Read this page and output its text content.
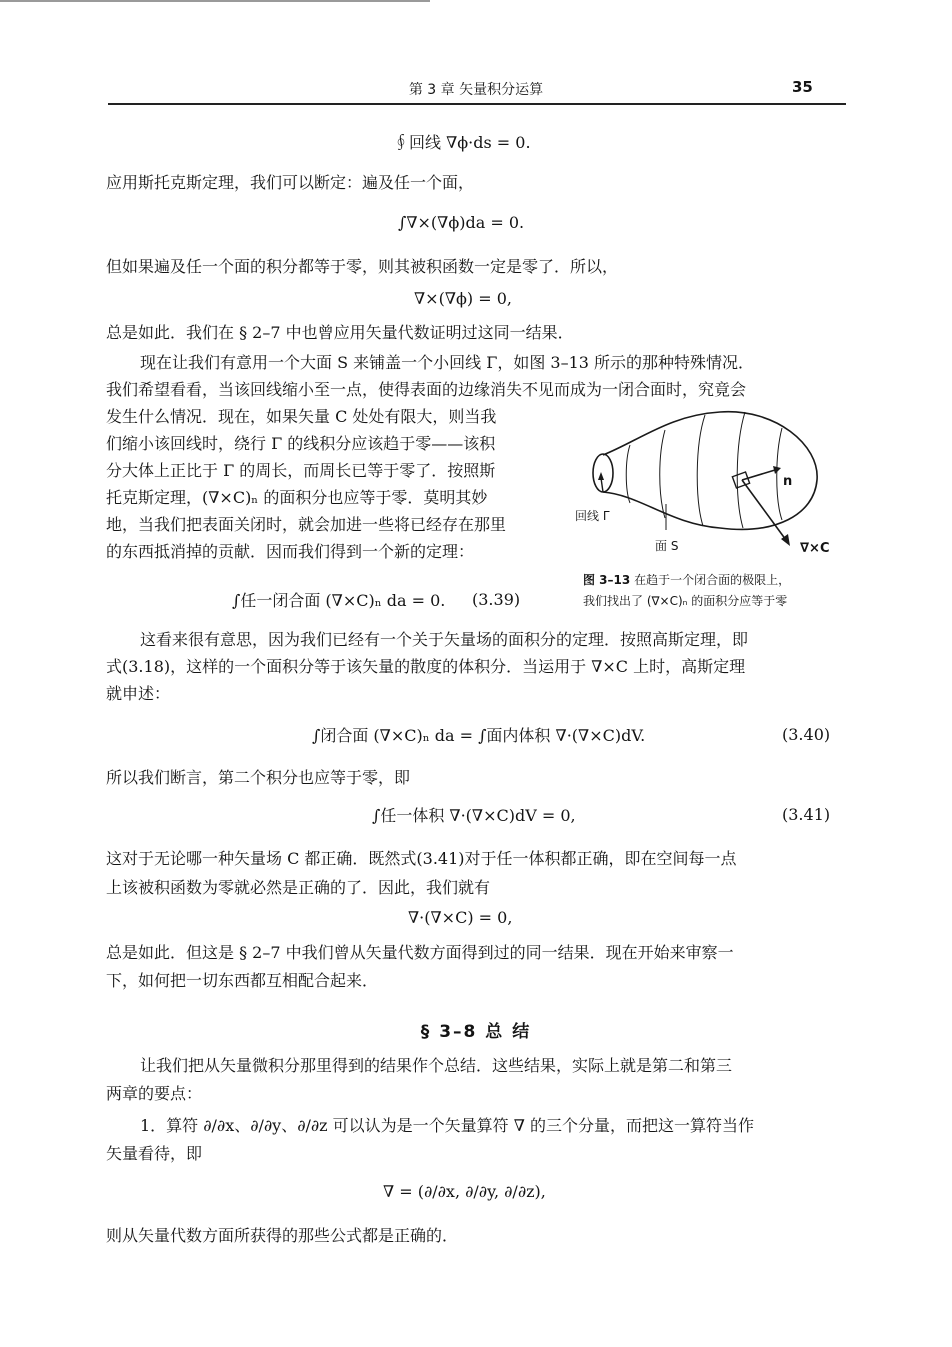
第 3 章 矢量积分运算	35
∮回线 ∇ϕ·ds = 0.
应用斯托克斯定理，我们可以断定：遍及任一个面，
∫∇×(∇ϕ)da = 0.
但如果遍及任一个面的积分都等于零，则其被积函数一定是零了．所以，
∇×(∇ϕ) = 0,
总是如此．我们在 § 2–7 中也曾应用矢量代数证明过这同一结果．
现在让我们有意用一个大面 S 来铺盖一个小回线 Γ，如图 3–13 所示的那种特殊情况．
我们希望看看，当该回线缩小至一点，使得表面的边缘消失不见而成为一闭合面时，究竟会
发生什么情况．现在，如果矢量 C 处处有限大，则当我
们缩小该回线时，绕行 Γ 的线积分应该趋于零——该积
分大体上正比于 Γ 的周长，而周长已等于零了．按照斯
托克斯定理，(∇×C)ₙ 的面积分也应等于零．莫明其妙
地，当我们把表面关闭时，就会加进一些将已经存在那里
的东西抵消掉的贡献．因而我们得到一个新的定理：
∫任一闭合面 (∇×C)ₙ da = 0. (3.39)
回线 Γ
面 S
n
∇×C
图 3–13 在趋于一个闭合面的极限上，
我们找出了 (∇×C)ₙ 的面积分应等于零
这看来很有意思，因为我们已经有一个关于矢量场的面积分的定理．按照高斯定理，即
式(3.18)，这样的一个面积分等于该矢量的散度的体积分．当运用于 ∇×C 上时，高斯定理
就申述：
∫闭合面 (∇×C)ₙ da = ∫面内体积 ∇·(∇×C)dV.	(3.40)
所以我们断言，第二个积分也应等于零，即
∫任一体积 ∇·(∇×C)dV = 0,	(3.41)
这对于无论哪一种矢量场 C 都正确．既然式(3.41)对于任一体积都正确，即在空间每一点
上该被积函数为零就必然是正确的了．因此，我们就有
∇·(∇×C) = 0,
总是如此．但这是 § 2–7 中我们曾从矢量代数方面得到过的同一结果．现在开始来审察一
下，如何把一切东西都互相配合起来．
§ 3–8 总 结
让我们把从矢量微积分那里得到的结果作个总结．这些结果，实际上就是第二和第三
两章的要点：
1．算符 ∂/∂x、∂/∂y、∂/∂z 可以认为是一个矢量算符 ∇ 的三个分量，而把这一算符当作
矢量看待，即
∇ = (∂/∂x, ∂/∂y, ∂/∂z),
则从矢量代数方面所获得的那些公式都是正确的．
